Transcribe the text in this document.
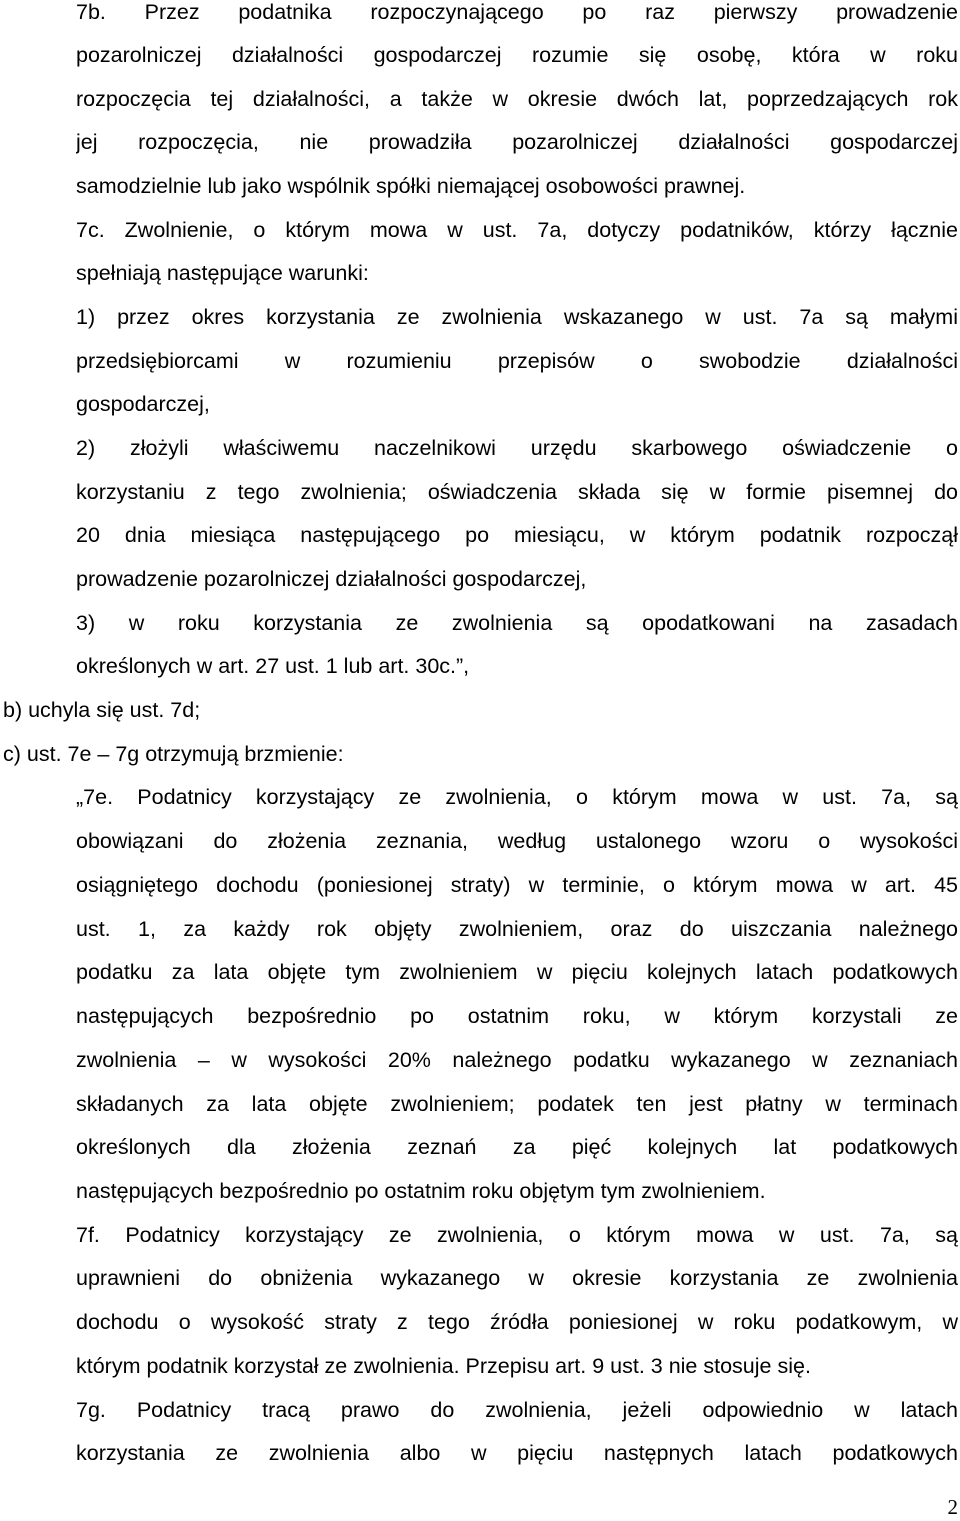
7b. Przez podatnika rozpoczynającego po raz pierwszy prowadzenie
pozarolniczej działalności gospodarczej rozumie się osobę, która w roku
rozpoczęcia tej działalności, a także w okresie dwóch lat, poprzedzających rok
jej rozpoczęcia, nie prowadziła pozarolniczej działalności gospodarczej
samodzielnie lub jako wspólnik spółki niemającej osobowości prawnej.
7c. Zwolnienie, o którym mowa w ust. 7a, dotyczy podatników, którzy łącznie
spełniają następujące warunki:
1) przez okres korzystania ze zwolnienia wskazanego w ust. 7a są małymi
przedsiębiorcami w rozumieniu przepisów o swobodzie działalności
gospodarczej,
2) złożyli właściwemu naczelnikowi urzędu skarbowego oświadczenie o
korzystaniu z tego zwolnienia; oświadczenia składa się w formie pisemnej do
20 dnia miesiąca następującego po miesiącu, w którym podatnik rozpoczął
prowadzenie pozarolniczej działalności gospodarczej,
3) w roku korzystania ze zwolnienia są opodatkowani na zasadach
określonych w art. 27 ust. 1 lub art. 30c.”,
b) uchyla się ust. 7d;
c) ust. 7e – 7g otrzymują brzmienie:
„7e. Podatnicy korzystający ze zwolnienia, o którym mowa w ust. 7a, są
obowiązani do złożenia zeznania, według ustalonego wzoru o wysokości
osiągniętego dochodu (poniesionej straty) w terminie, o którym mowa w art. 45
ust. 1, za każdy rok objęty zwolnieniem, oraz do uiszczania należnego
podatku za lata objęte tym zwolnieniem w pięciu kolejnych latach podatkowych
następujących bezpośrednio po ostatnim roku, w którym korzystali ze
zwolnienia – w wysokości 20% należnego podatku wykazanego w zeznaniach
składanych za lata objęte zwolnieniem; podatek ten jest płatny w terminach
określonych dla złożenia zeznań za pięć kolejnych lat podatkowych
następujących bezpośrednio po ostatnim roku objętym tym zwolnieniem.
7f. Podatnicy korzystający ze zwolnienia, o którym mowa w ust. 7a, są
uprawnieni do obniżenia wykazanego w okresie korzystania ze zwolnienia
dochodu o wysokość straty z tego źródła poniesionej w roku podatkowym, w
którym podatnik korzystał ze zwolnienia. Przepisu art. 9 ust. 3 nie stosuje się.
7g. Podatnicy tracą prawo do zwolnienia, jeżeli odpowiednio w latach
korzystania ze zwolnienia albo w pięciu następnych latach podatkowych
2
